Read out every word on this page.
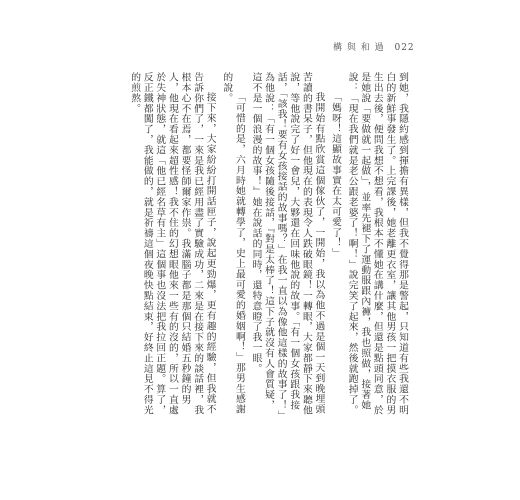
構 與 和 過 022

到她，我隱約感到揮擔有異樣，但我不覺得那是警起，只知道有些我還不明白的新鮮事發生了。上完課後，她老離更衣室，讓其他男孩一把摸衣服的男生出去後，便問我想不想看，我根本不懂她在講什麼，但還是點頭同意，於是她說「要做就一起做」，並率先褪下了運動服跟內褲，我也照做，接著她說：「現在我們就是老公跟老婆了！啊！」說完笑了起來，然後就跑掉了。

「媽呀！這顯故事實在太可愛了！」

我開始有點欣賞這個傢伙了，一開始，我以為他不過是個一天到晚埋頭苦讀的書呆子，但他現在的表現令人跌破眼鏡！一轉眼，大家都靜下來聽他說，等他說完了好一會兒，大夥還在回味他說的故事。「有一個女孩跟我接話，「該我！要有女孩接話的故事嗎？」在我一直以為像他這樣的故事了！」

為他說：「有一個女孩隨後接話，『對是太棒了！這下子就沒有人會質疑，這不是一個浪漫的故事！』她在說話的同時，還特意瞪了我一眼。

「可惜的是，六月時她就轉學了，史上最可愛的婚姻啊！」那男生感謝的說。

接下來，大家紛紛打開話匣子，說起更勁爆，更有趣的經驗，但我就不告訴你們了，一來是我已經用盡了實驗成功，二來是在接下來的談話裡，我根本心不在焉，都要怪師爾家作祟。我滿腦子都是那個只結婚五秒鐘的男人，他現在看起來超性感！我不住的幻想眼他來一些有的沒的，所以一直處於失神狀態，就這「他已經名草有主」這個事也沒法把我拉回正題。算了，反正鐵都闖了，我能做的，就是祈禱這個夜晚快點結束，好終止這見不得光的煎熬。
